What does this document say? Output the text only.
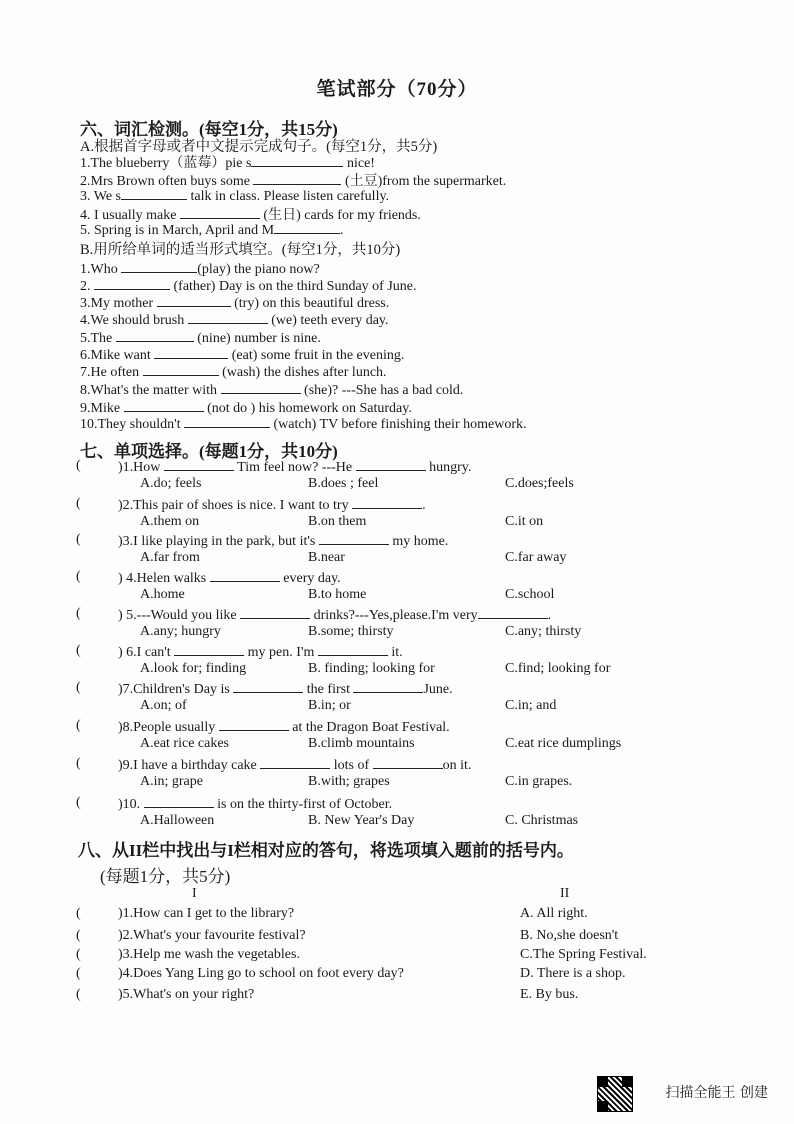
笔试部分（70分）
六、词汇检测。(每空1分，共15分)
A.根据首字母或者中文提示完成句子。(每空1分，共5分)
1.The blueberry（蓝莓）pie s	nice!
2.Mrs Brown often buys some	(土豆)from the supermarket.
3. We s	talk in class. Please listen carefully.
4. I usually make	(生日) cards for my friends.
5. Spring is in March, April and M	.
B.用所给单词的适当形式填空。(每空1分，共10分)
1.Who	(play) the piano now?
2.	(father) Day is on the third Sunday of June.
3.My mother	(try) on this beautiful dress.
4.We should brush	(we) teeth every day.
5.The	(nine) number is nine.
6.Mike want	(eat) some fruit in the evening.
7.He often	(wash) the dishes after lunch.
8.What's the matter with	(she)? ---She has a bad cold.
9.Mike	(not do ) his homework on Saturday.
10.They shouldn't	(watch) TV before finishing their homework.
七、单项选择。(每题1分，共10分)
(	)1.How	Tim feel now? ---He	hungry.
A.do; feels	B.does ; feel	C.does;feels
(	)2.This pair of shoes is nice. I want to try	.
A.them on	B.on them	C.it on
(	)3.I like playing in the park, but it's	my home.
A.far from	B.near	C.far away
(	) 4.Helen walks	every day.
A.home	B.to home	C.school
(	) 5.---Would you like	drinks?---Yes,please.I'm very	.
A.any; hungry	B.some; thirsty	C.any; thirsty
(	) 6.I can't	my pen. I'm	it.
A.look for; finding	B. finding; looking for	C.find; looking for
(	)7.Children's Day is	the first	June.
A.on; of	B.in; or	C.in; and
(	)8.People usually	at the Dragon Boat Festival.
A.eat rice cakes	B.climb mountains	C.eat rice dumplings
(	)9.I have a birthday cake	lots of	on it.
A.in; grape	B.with; grapes	C.in grapes.
(	)10.	is on the thirty-first of October.
A.Halloween	B. New Year's Day	C. Christmas
八、从II栏中找出与I栏相对应的答句，将选项填入题前的括号内。
(每题1分，共5分)
I	II
(	)1.How can I get to the library?	A. All right.
(	)2.What's your favourite festival?	B. No,she doesn't
(	)3.Help me wash the vegetables.	C.The Spring Festival.
(	)4.Does Yang Ling go to school on foot every day?	D. There is a shop.
(	)5.What's on your right?	E. By bus.
扫描全能王 创建
